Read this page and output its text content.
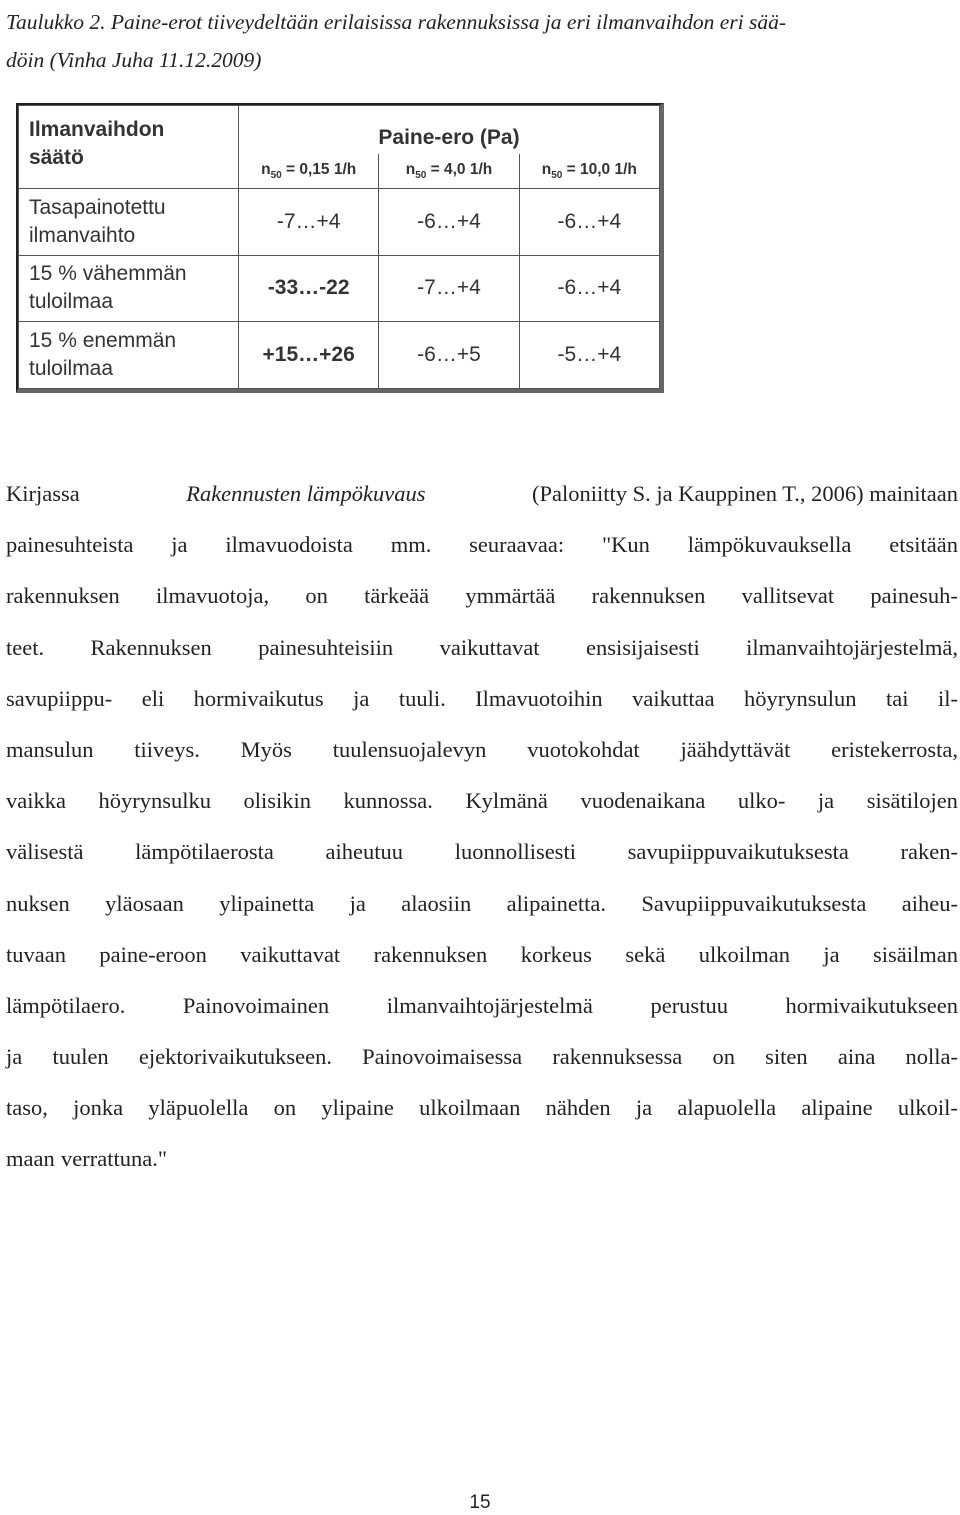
Taulukko 2. Paine-erot tiiveydeltään erilaisissa rakennuksissa ja eri ilmanvaihdon eri sää-
döin (Vinha Juha 11.12.2009)
Ilmanvaihdon
säätö	Paine-ero (Pa)		
	$n_{50} = 0,15$ 1/h	$n_{50} = 4,0$ 1/h	$n_{50} = 10,0$ 1/h

Tasapainotettu
ilmanvaihto	-7…+4	-6…+4	-6…+4

15 % vähemmän
tuloilmaa	-33…-22	-7…+4	-6…+4

15 % enemmän
tuloilmaa	+15…+26	-6…+5	-5…+4
Kirjassa	Rakennusten lämpökuvaus	(Paloniitty S. ja Kauppinen T., 2006) mainitaan
painesuhteista ja ilmavuodoista mm. seuraavaa: "Kun lämpökuvauksella etsitään
rakennuksen ilmavuotoja, on tärkeää ymmärtää rakennuksen vallitsevat painesuh-
teet. Rakennuksen painesuhteisiin vaikuttavat ensisijaisesti ilmanvaihtojärjestelmä,
savupiippu- eli hormivaikutus ja tuuli. Ilmavuotoihin vaikuttaa höyrynsulun tai il-
mansulun tiiveys. Myös tuulensuojalevyn vuotokohdat jäähdyttävät eristekerrosta,
vaikka höyrynsulku olisikin kunnossa. Kylmänä vuodenaikana ulko- ja sisätilojen
välisestä lämpötilaerosta aiheutuu luonnollisesti savupiippuvaikutuksesta raken-
nuksen yläosaan ylipainetta ja alaosiin alipainetta. Savupiippuvaikutuksesta aiheu-
tuvaan paine-eroon vaikuttavat rakennuksen korkeus sekä ulkoilman ja sisäilman
lämpötilaero.	Painovoimainen	ilmanvaihtojärjestelmä	perustuu	hormivaikutukseen
ja tuulen ejektorivaikutukseen. Painovoimaisessa rakennuksessa on siten aina nolla-
taso, jonka yläpuolella on ylipaine ulkoilmaan nähden ja alapuolella alipaine ulkoil-
maan verrattuna."
15
